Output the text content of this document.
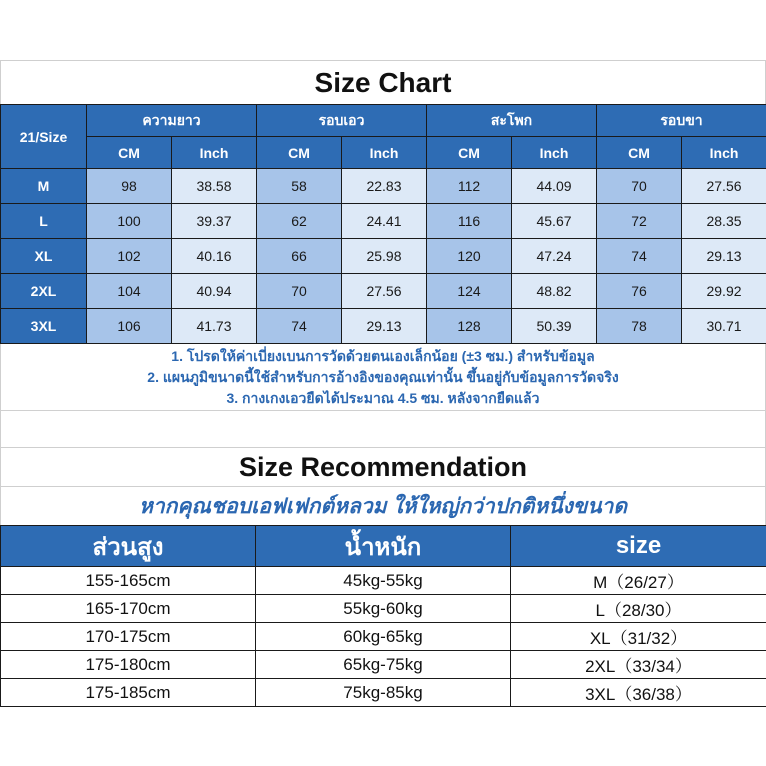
Size Chart
21/Size	ความยาว		รอบเอว		สะโพก		รอบขา	
	CM	Inch	CM	Inch	CM	Inch	CM	Inch
M	98	38.58	58	22.83	112	44.09	70	27.56
L	100	39.37	62	24.41	116	45.67	72	28.35
XL	102	40.16	66	25.98	120	47.24	74	29.13
2XL	104	40.94	70	27.56	124	48.82	76	29.92
3XL	106	41.73	74	29.13	128	50.39	78	30.71
1. โปรดให้ค่าเบี่ยงเบนการวัดด้วยตนเองเล็กน้อย (±3 ซม.) สำหรับข้อมูล
2. แผนภูมิขนาดนี้ใช้สำหรับการอ้างอิงของคุณเท่านั้น ขึ้นอยู่กับข้อมูลการวัดจริง
3. กางเกงเอวยืดได้ประมาณ 4.5 ซม. หลังจากยืดแล้ว
Size Recommendation
หากคุณชอบเอฟเฟกต์หลวม ให้ใหญ่กว่าปกติหนึ่งขนาด
ส่วนสูง	น้ำหนัก	size
155-165cm	45kg-55kg	M（26/27）
165-170cm	55kg-60kg	L（28/30）
170-175cm	60kg-65kg	XL（31/32）
175-180cm	65kg-75kg	2XL（33/34）
175-185cm	75kg-85kg	3XL（36/38）
